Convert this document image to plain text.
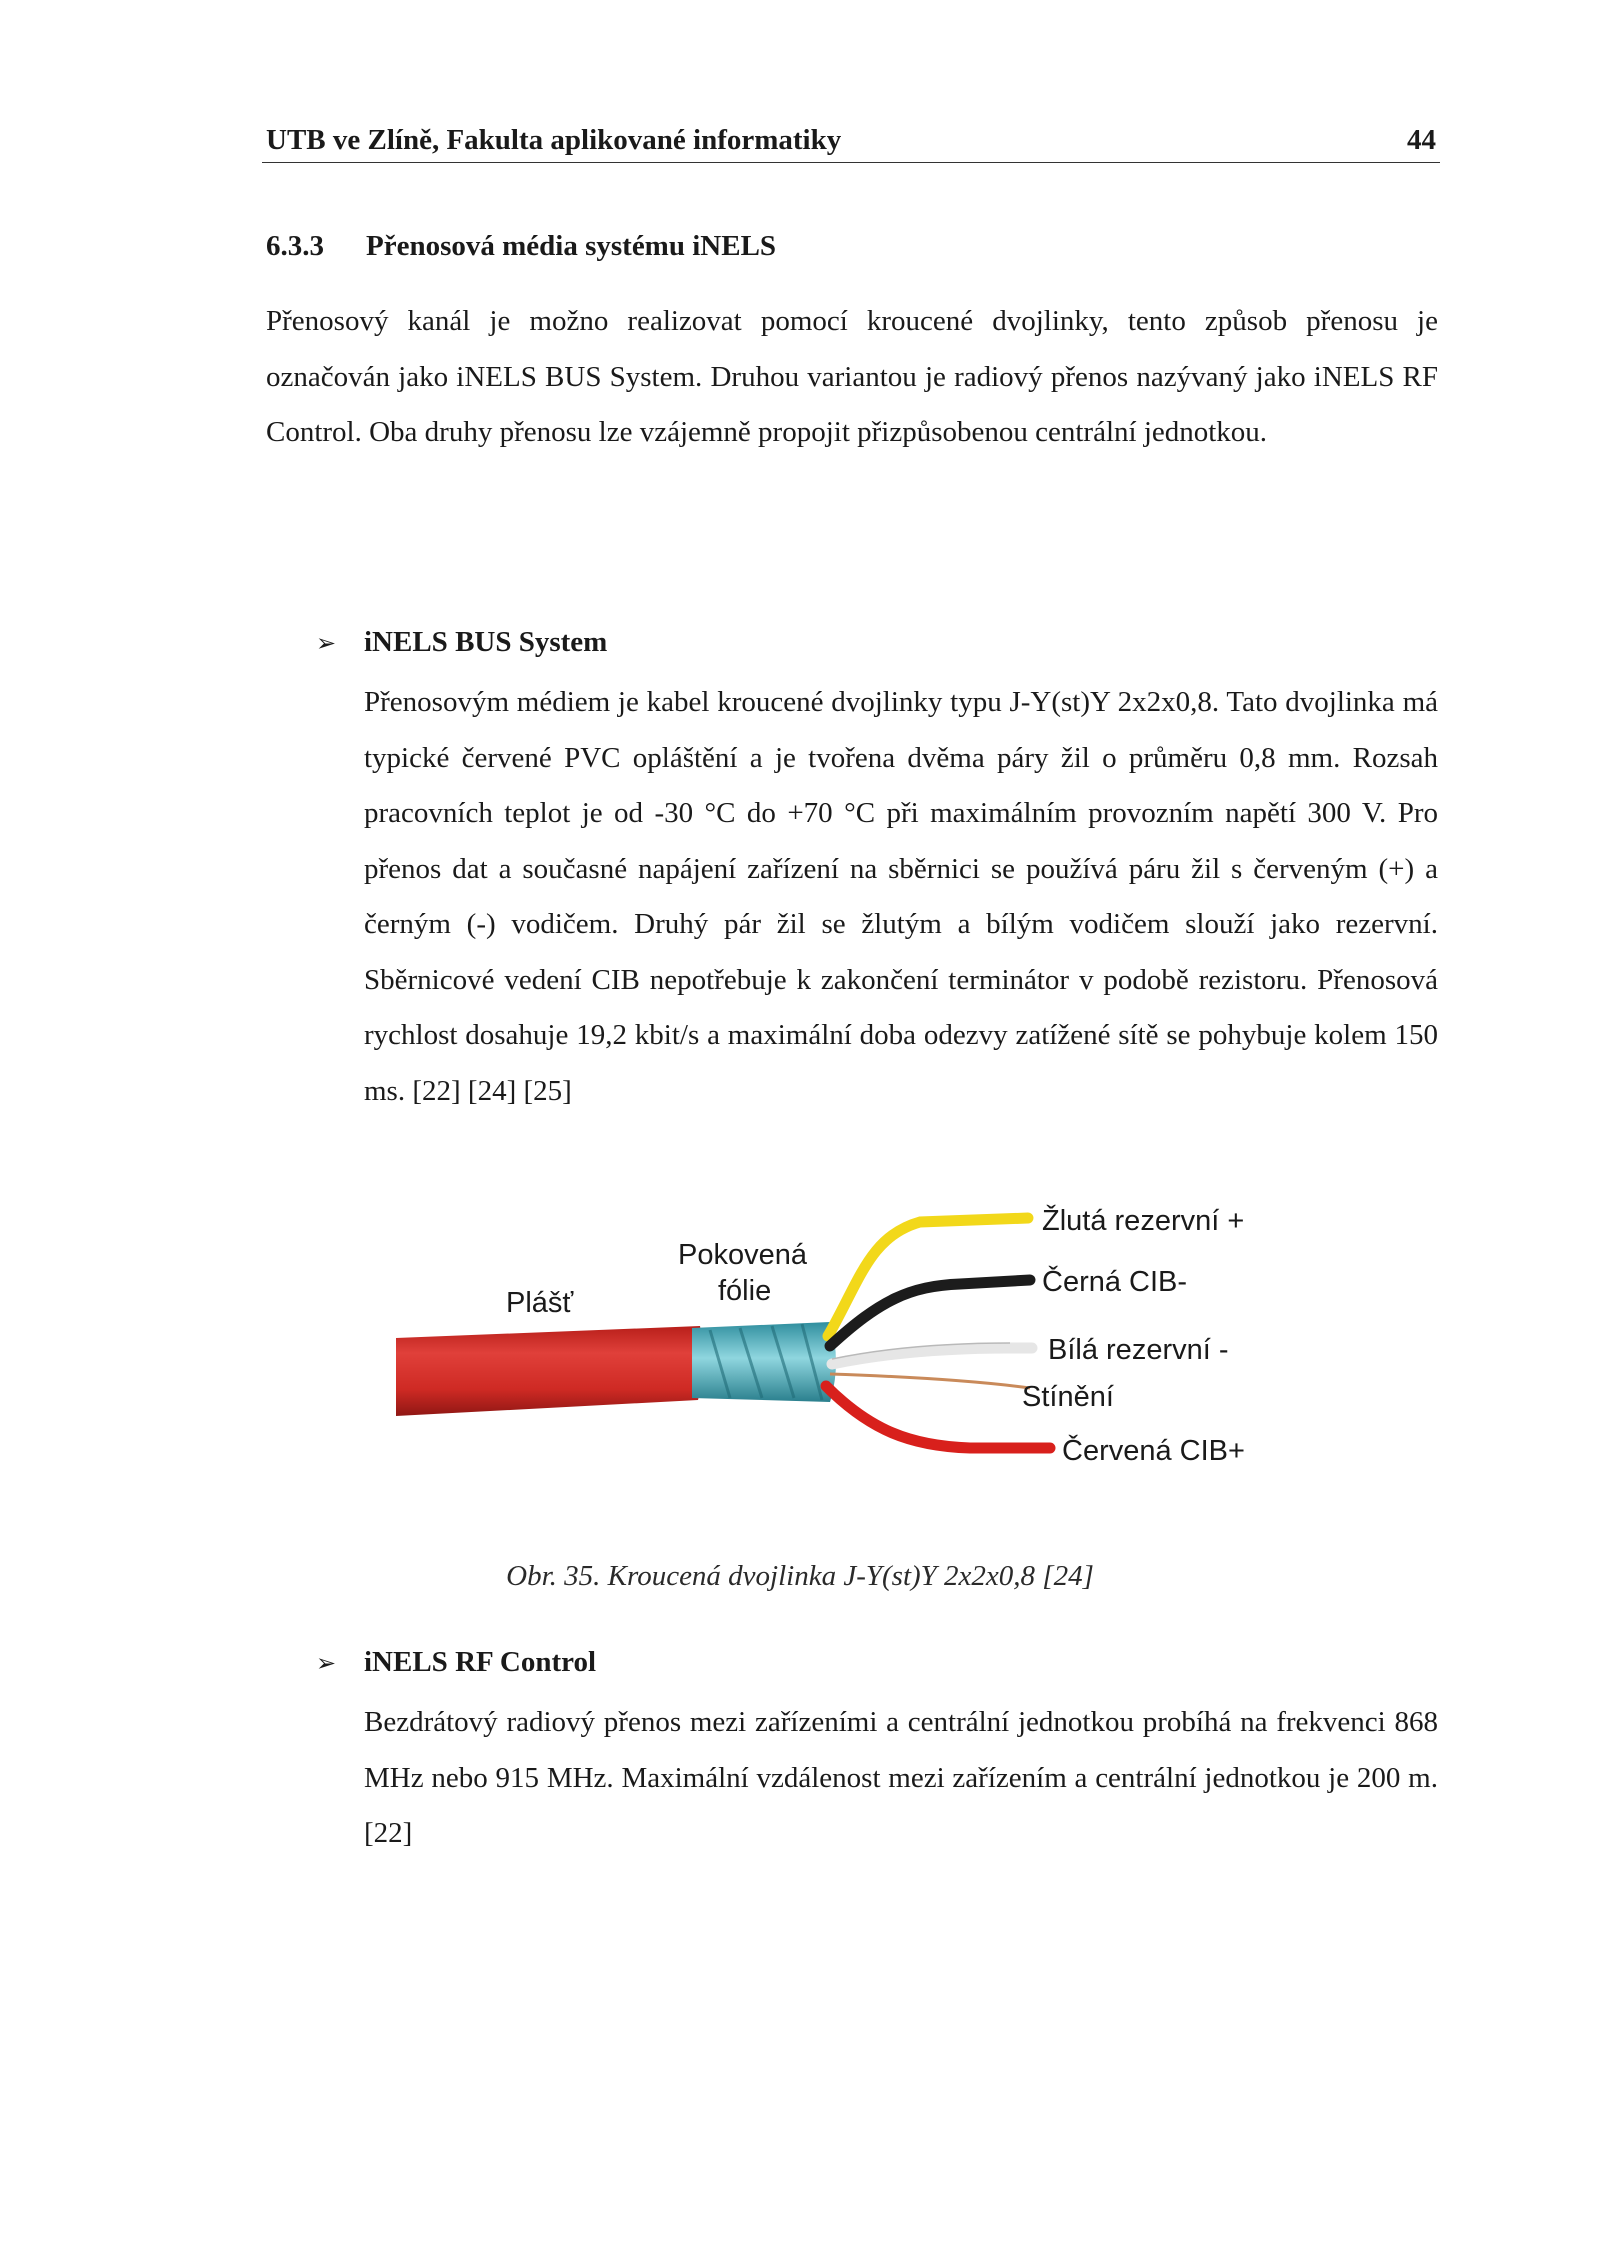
UTB ve Zlíně, Fakulta aplikované informatiky	44
6.3.3 Přenosová média systému iNELS
Přenosový kanál je možno realizovat pomocí kroucené dvojlinky, tento způsob přenosu je označován jako iNELS BUS System. Druhou variantou je radiový přenos nazývaný jako iNELS RF Control. Oba druhy přenosu lze vzájemně propojit přizpůsobenou centrální jednotkou.
➢ iNELS BUS System
Přenosovým médiem je kabel kroucené dvojlinky typu J-Y(st)Y 2x2x0,8. Tato dvojlinka má typické červené PVC opláštění a je tvořena dvěma páry žil o průměru 0,8 mm. Rozsah pracovních teplot je od -30 °C do +70 °C při maximálním provozním napětí 300 V. Pro přenos dat a současné napájení zařízení na sběrnici se používá páru žil s červeným (+) a černým (-) vodičem. Druhý pár žil se žlutým a bílým vodičem slouží jako rezervní. Sběrnicové vedení CIB nepotřebuje k zakončení terminátor v podobě rezistoru. Přenosová rychlost dosahuje 19,2 kbit/s a maximální doba odezvy zatížené sítě se pohybuje kolem 150 ms. [22] [24] [25]
Plášť
Pokovená
fólie
Žlutá rezervní +
Černá CIB-
Bílá rezervní -
Stínění
Červená CIB+
Obr. 35. Kroucená dvojlinka J-Y(st)Y 2x2x0,8 [24]
➢ iNELS RF Control
Bezdrátový radiový přenos mezi zařízeními a centrální jednotkou probíhá na frekvenci 868 MHz nebo 915 MHz. Maximální vzdálenost mezi zařízením a centrální jednotkou je 200 m. [22]
